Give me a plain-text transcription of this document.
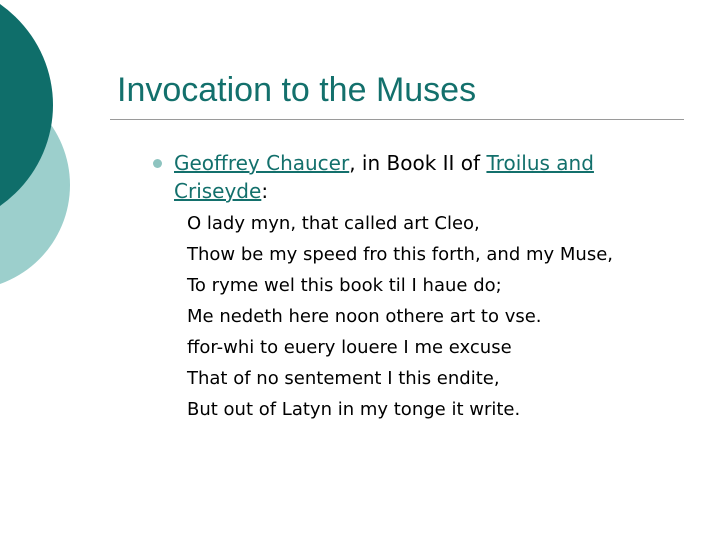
Invocation to the Muses
Geoffrey Chaucer, in Book II of Troilus and Criseyde:
O lady myn, that called art Cleo,
Thow be my speed fro this forth, and my Muse,
To ryme wel this book til I haue do;
Me nedeth here noon othere art to vse.
ffor-whi to euery louere I me excuse
That of no sentement I this endite,
But out of Latyn in my tonge it write.
